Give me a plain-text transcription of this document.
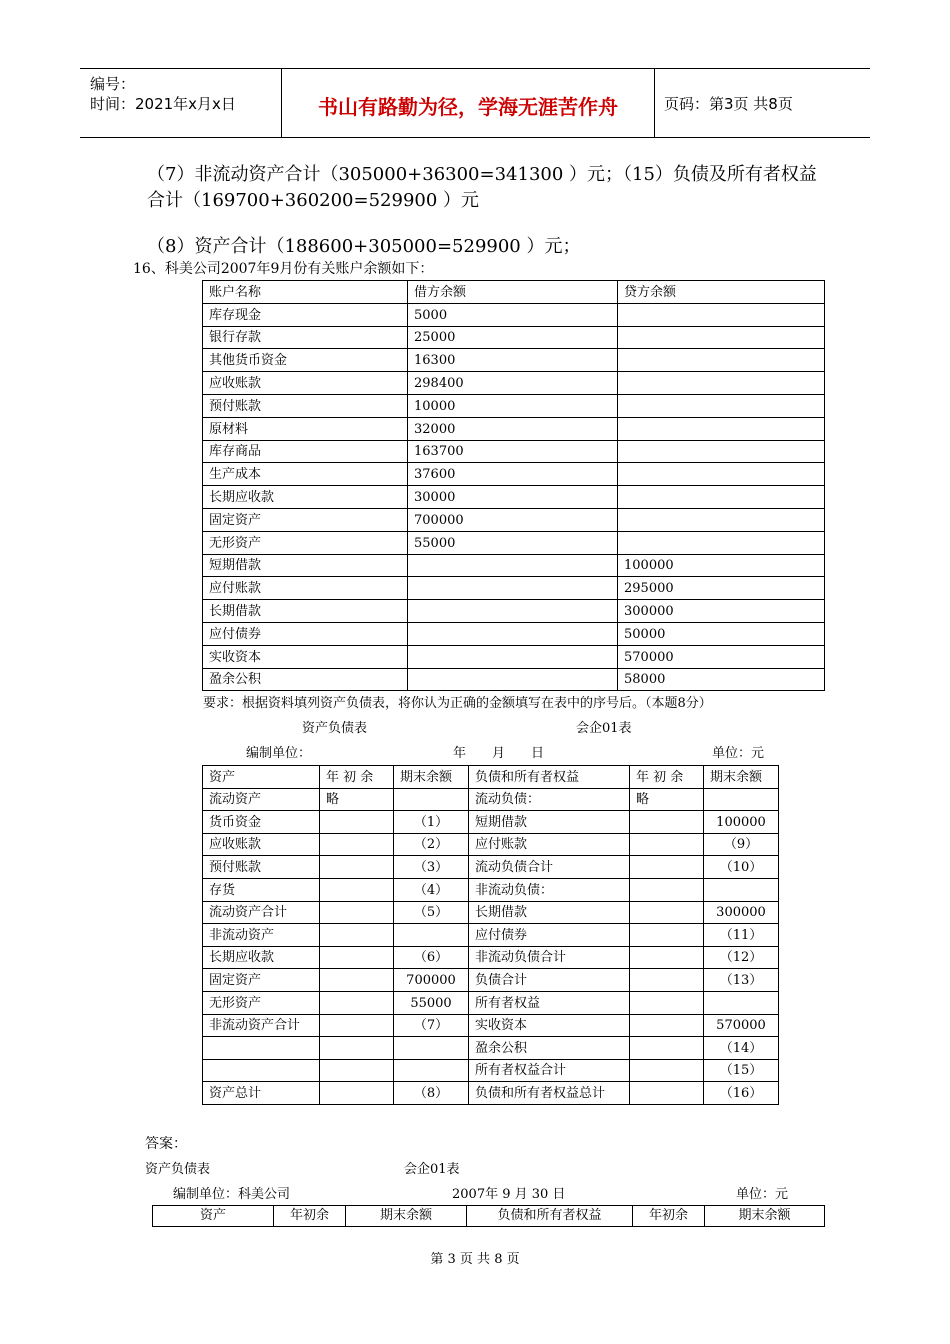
编号：
时间：2021年x月x日	书山有路勤为径，学海无涯苦作舟	页码：第3页 共8页
（7）非流动资产合计（305000+36300=341300 ）元；（15）负债及所有者权益
合计（169700+360200=529900 ）元
（8）资产合计（188600+305000=529900 ）元；
16、科美公司2007年9月份有关账户余额如下：
账户名称	借方余额	贷方余额
库存现金	5000	
银行存款	25000	
其他货币资金	16300	
应收账款	298400	
预付账款	10000	
原材料	32000	
库存商品	163700	
生产成本	37600	
长期应收款	30000	
固定资产	700000	
无形资产	55000	
短期借款		100000
应付账款		295000
长期借款		300000
应付债券		50000
实收资本		570000
盈余公积		58000
要求：根据资料填列资产负债表，将你认为正确的金额填写在表中的序号后。（本题8分）
资产负债表	会企01表
编制单位：	年　　月　　日	单位：元
资产	年 初 余	期末余额	负债和所有者权益	年 初 余	期末余额
流动资产	略		流动负债：	略	
货币资金		（1）	短期借款		100000
应收账款		（2）	应付账款		（9）
预付账款		（3）	流动负债合计		（10）
存货		（4）	非流动负债：		
流动资产合计		（5）	长期借款		300000
非流动资产			应付债券		（11）
长期应收款		（6）	非流动负债合计		（12）
固定资产		700000	负债合计		（13）
无形资产		55000	所有者权益		
非流动资产合计		（7）	实收资本		570000
			盈余公积		（14）
			所有者权益合计		（15）
资产总计		（8）	负债和所有者权益总计		（16）
答案：
资产负债表	会企01表
编制单位：科美公司	2007年 9 月 30 日	单位：元
资产	年初余	期末余额	负债和所有者权益	年初余	期末余额
第 3 页 共 8 页
